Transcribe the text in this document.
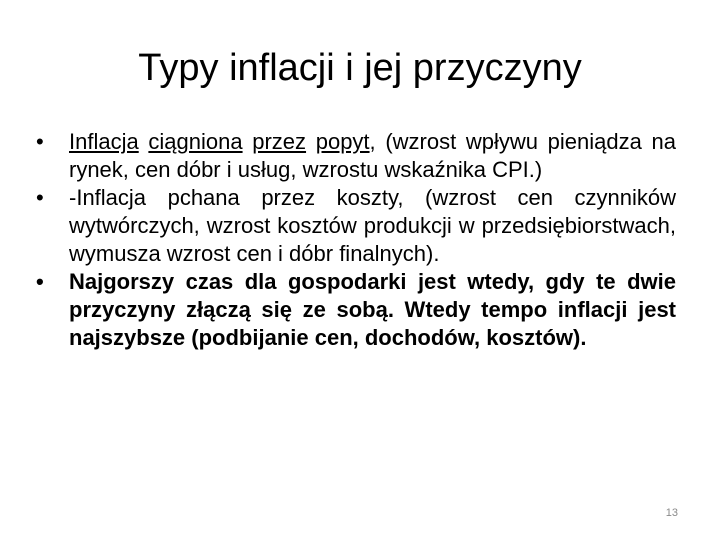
Typy inflacji i jej przyczyny
• Inflacja ciągniona przez popyt, (wzrost wpływu pieniądza na rynek, cen dóbr i usług, wzrostu wskaźnika CPI.)
• -Inflacja pchana przez koszty, (wzrost cen czynników wytwórczych, wzrost kosztów produkcji w przedsiębiorstwach, wymusza wzrost cen i dóbr finalnych).
• Najgorszy czas dla gospodarki jest wtedy, gdy te dwie przyczyny złączą się ze sobą. Wtedy tempo inflacji jest najszybsze (podbijanie cen, dochodów, kosztów).
13
